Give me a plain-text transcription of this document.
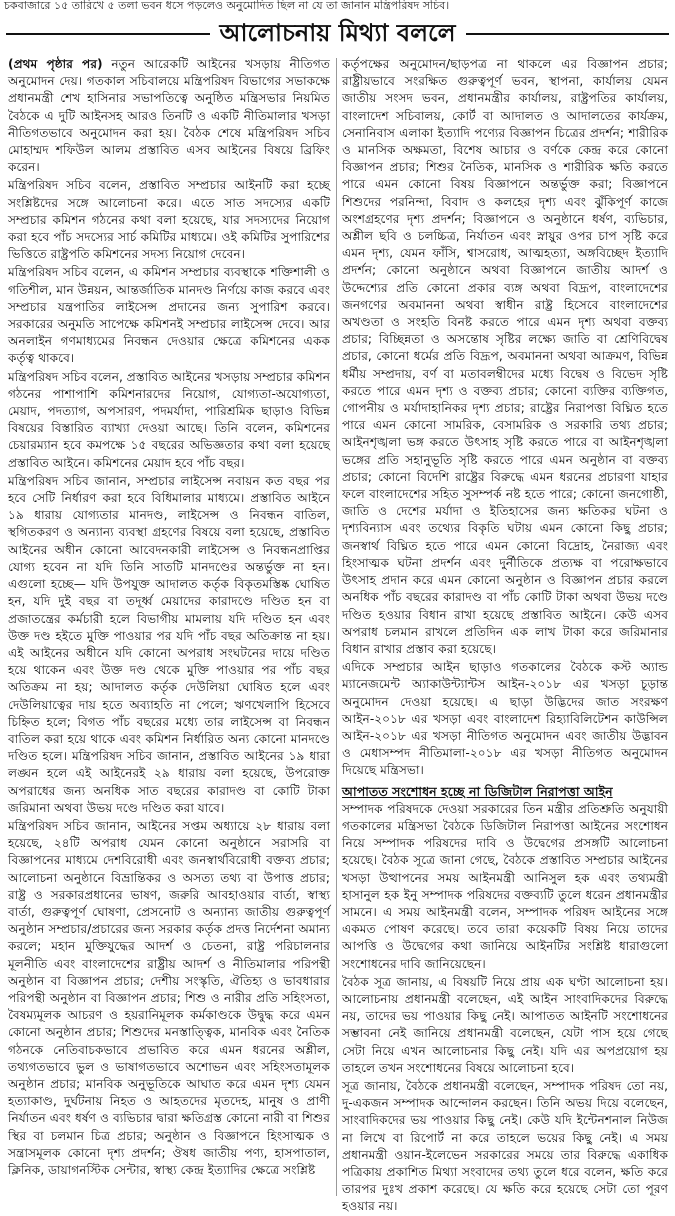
চকবাজারে ১৫ তারিখে ৫ তলা ভবন ধসে পড়লেও অনুমোদিত ছিল না যে তা জানান মন্ত্রিপরিষদ সচিব।
আলোচনায় মিথ্যা বললে

(প্রথম পৃষ্ঠার পর) নতুন আরেকটি আইনের খসড়ায় নীতিগত অনুমোদন দেয়। গতকাল সচিবালয়ে মন্ত্রিপরিষদ বিভাগের সভাকক্ষে প্রধানমন্ত্রী শেখ হাসিনার সভাপতিত্বে অনুষ্ঠিত মন্ত্রিসভার নিয়মিত বৈঠকে এ দুটি আইনসহ আরও তিনটি ও একটি নীতিমালার খসড়া নীতিগতভাবে অনুমোদন করা হয়। বৈঠক শেষে মন্ত্রিপরিষদ সচিব মোহাম্মদ শফিউল আলম প্রস্তাবিত এসব আইনের বিষয়ে ব্রিফিং করেন।

মন্ত্রিপরিষদ সচিব বলেন, প্রস্তাবিত সম্প্রচার আইনটি করা হচ্ছে সংশ্লিষ্টদের সঙ্গে আলোচনা করে। এতে সাত সদস্যের একটি সম্প্রচার কমিশন গঠনের কথা বলা হয়েছে, যার সদস্যদের নিয়োগ করা হবে পাঁচ সদস্যের সার্চ কমিটির মাধ্যমে। ওই কমিটির সুপারিশের ভিত্তিতে রাষ্ট্রপতি কমিশনের সদস্য নিয়োগ দেবেন।

মন্ত্রিপরিষদ সচিব বলেন, এ কমিশন সম্প্রচার ব্যবস্থাকে শক্তিশালী ও গতিশীল, মান উন্নয়ন, আন্তর্জাতিক মানদণ্ড নির্ণয়ে কাজ করবে এবং সম্প্রচার যন্ত্রপাতির লাইসেন্স প্রদানের জন্য সুপারিশ করবে। সরকারের অনুমতি সাপেক্ষে কমিশনই সম্প্রচার লাইসেন্স দেবে। আর অনলাইন গণমাধ্যমের নিবন্ধন দেওয়ার ক্ষেত্রে কমিশনের একক কর্তৃত্ব থাকবে।

মন্ত্রিপরিষদ সচিব বলেন, প্রস্তাবিত আইনের খসড়ায় সম্প্রচার কমিশন গঠনের পাশাপাশি কমিশনারদের নিয়োগ, যোগ্যতা-অযোগ্যতা, মেয়াদ, পদত্যাগ, অপসারণ, পদমর্যাদা, পারিশ্রমিক ছাড়াও বিভিন্ন বিষয়ের বিস্তারিত ব্যাখ্যা দেওয়া আছে। তিনি বলেন, কমিশনের চেয়ারম্যান হবে কমপক্ষে ১৫ বছরের অভিজ্ঞতার কথা বলা হয়েছে প্রস্তাবিত আইনে। কমিশনের মেয়াদ হবে পাঁচ বছর।

মন্ত্রিপরিষদ সচিব জানান, সম্প্রচার লাইসেন্স নবায়ন কত বছর পর হবে সেটি নির্ধারণ করা হবে বিধিমালার মাধ্যমে। প্রস্তাবিত আইনে ১৯ ধারায় যোগ্যতার মানদণ্ড, লাইসেন্স ও নিবন্ধন বাতিল, স্থগিতকরণ ও অন্যান্য ব্যবস্থা গ্রহণের বিষয়ে বলা হয়েছে, প্রস্তাবিত আইনের অধীন কোনো আবেদনকারী লাইসেন্স ও নিবন্ধনপ্রাপ্তির যোগ্য হবেন না যদি তিনি সাতটি মানদণ্ডের অন্তর্ভুক্ত না হন। এগুলো হচ্ছে— যদি উপযুক্ত আদালত কর্তৃক বিকৃতমস্তিষ্ক ঘোষিত হন, যদি দুই বছর বা তদূর্ধ্ব মেয়াদের কারাদণ্ডে দণ্ডিত হন বা প্রজাতন্ত্রের কর্মচারী হলে বিভাগীয় মামলায় যদি দণ্ডিত হন এবং উক্ত দণ্ড হইতে মুক্তি পাওয়ার পর যদি পাঁচ বছর অতিক্রান্ত না হয়। এই আইনের অধীনে যদি কোনো অপরাধ সংঘটনের দায়ে দণ্ডিত হয়ে থাকেন এবং উক্ত দণ্ড থেকে মুক্তি পাওয়ার পর পাঁচ বছর অতিক্রম না হয়; আদালত কর্তৃক দেউলিয়া ঘোষিত হলে এবং দেউলিয়াত্বের দায় হতে অব্যাহতি না পেলে; ঋণখেলাপি হিসেবে চিহ্নিত হলে; বিগত পাঁচ বছরের মধ্যে তার লাইসেন্স বা নিবন্ধন বাতিল করা হয়ে থাকে এবং কমিশন নির্ধারিত অন্য কোনো মানদণ্ডে দণ্ডিত হলে। মন্ত্রিপরিষদ সচিব জানান, প্রস্তাবিত আইনের ১৯ ধারা লঙ্ঘন হলে এই আইনেরই ২৯ ধারায় বলা হয়েছে, উপরোক্ত অপরাধের জন্য অনধিক সাত বছরের কারাদণ্ড বা কোটি টাকা জরিমানা অথবা উভয় দণ্ডে দণ্ডিত করা যাবে।

মন্ত্রিপরিষদ সচিব জানান, আইনের সপ্তম অধ্যায়ে ২৮ ধারায় বলা হয়েছে, ২৪টি অপরাধ যেমন কোনো অনুষ্ঠানে সরাসরি বা বিজ্ঞাপনের মাধ্যমে দেশবিরোধী এবং জনস্বার্থবিরোধী বক্তব্য প্রচার; আলোচনা অনুষ্ঠানে বিভ্রান্তিকর ও অসত্য তথ্য বা উপাত্ত প্রচার; রাষ্ট্র ও সরকারপ্রধানের ভাষণ, জরুরি আবহাওয়ার বার্তা, স্বাস্থ্য বার্তা, গুরুত্বপূর্ণ ঘোষণা, প্রেসনোট ও অন্যান্য জাতীয় গুরুত্বপূর্ণ অনুষ্ঠান সম্প্রচার/প্রচারের জন্য সরকার কর্তৃক প্রদত্ত নির্দেশনা অমান্য করলে; মহান মুক্তিযুদ্ধের আদর্শ ও চেতনা, রাষ্ট্র পরিচালনার মূলনীতি এবং বাংলাদেশের রাষ্ট্রীয় আদর্শ ও নীতিমালার পরিপন্থী অনুষ্ঠান বা বিজ্ঞাপন প্রচার; দেশীয় সংস্কৃতি, ঐতিহ্য ও ভাবধারার পরিপন্থী অনুষ্ঠান বা বিজ্ঞাপন প্রচার; শিশু ও নারীর প্রতি সহিংসতা, বৈষম্যমূলক আচরণ ও হয়রানিমূলক কর্মকাণ্ডকে উদ্বুদ্ধ করে এমন কোনো অনুষ্ঠান প্রচার; শিশুদের মনস্তাত্ত্বিক, মানবিক এবং নৈতিক গঠনকে নেতিবাচকভাবে প্রভাবিত করে এমন ধরনের অশ্লীল, তথ্যগতভাবে ভুল ও ভাষাগতভাবে অশোভন এবং সহিংসতামূলক অনুষ্ঠান প্রচার; মানবিক অনুভূতিকে আঘাত করে এমন দৃশ্য যেমন হত্যাকাণ্ড, দুর্ঘটনায় নিহত ও আহতদের মৃতদেহ, মানুষ ও প্রাণী নির্যাতন এবং ধর্ষণ ও ব্যভিচার দ্বারা ক্ষতিগ্রস্ত কোনো নারী বা শিশুর স্থির বা চলমান চিত্র প্রচার; অনুষ্ঠান ও বিজ্ঞাপনে হিংসাত্মক ও সন্ত্রাসমূলক কোনো দৃশ্য প্রদর্শন; ঔষধ জাতীয় পণ্য, হাসপাতাল, ক্লিনিক, ডায়াগনস্টিক সেন্টার, স্বাস্থ্য কেন্দ্র ইত্যাদির ক্ষেত্রে সংশ্লিষ্ট

কর্তৃপক্ষের অনুমোদন/ছাড়পত্র না থাকলে এর বিজ্ঞাপন প্রচার; রাষ্ট্রীয়ভাবে সংরক্ষিত গুরুত্বপূর্ণ ভবন, স্থাপনা, কার্যালয় যেমন জাতীয় সংসদ ভবন, প্রধানমন্ত্রীর কার্যালয়, রাষ্ট্রপতির কার্যালয়, বাংলাদেশ সচিবালয়, কোর্ট বা আদালত ও আদালতের কার্যক্রম, সেনানিবাস এলাকা ইত্যাদি পণ্যের বিজ্ঞাপন চিত্রের প্রদর্শন; শারীরিক ও মানসিক অক্ষমতা, বিশেষ আচার ও বর্ণকে কেন্দ্র করে কোনো বিজ্ঞাপন প্রচার; শিশুর নৈতিক, মানসিক ও শারীরিক ক্ষতি করতে পারে এমন কোনো বিষয় বিজ্ঞাপনে অন্তর্ভুক্ত করা; বিজ্ঞাপনে শিশুদের পরনিন্দা, বিবাদ ও কলহের দৃশ্য এবং ঝুঁকিপূর্ণ কাজে অংশগ্রহণের দৃশ্য প্রদর্শন; বিজ্ঞাপনে ও অনুষ্ঠানে ধর্ষণ, ব্যভিচার, অশ্লীল ছবি ও চলচ্চিত্র, নির্যাতন এবং স্নায়ুর ওপর চাপ সৃষ্টি করে এমন দৃশ্য, যেমন ফাঁসি, শ্বাসরোধ, আত্মহত্যা, অঙ্গবিচ্ছেদ ইত্যাদি প্রদর্শন; কোনো অনুষ্ঠানে অথবা বিজ্ঞাপনে জাতীয় আদর্শ ও উদ্দেশ্যের প্রতি কোনো প্রকার ব্যঙ্গ অথবা বিদ্রূপ, বাংলাদেশের জনগণের অবমাননা অথবা স্বাধীন রাষ্ট্র হিসেবে বাংলাদেশের অখণ্ডতা ও সংহতি বিনষ্ট করতে পারে এমন দৃশ্য অথবা বক্তব্য প্রচার; বিচ্ছিন্নতা ও অসন্তোষ সৃষ্টির লক্ষ্যে জাতি বা শ্রেণিবিদ্বেষ প্রচার, কোনো ধর্মের প্রতি বিদ্রূপ, অবমাননা অথবা আক্রমণ, বিভিন্ন ধর্মীয় সম্প্রদায়, বর্ণ বা মতাবলম্বীদের মধ্যে বিদ্বেষ ও বিভেদ সৃষ্টি করতে পারে এমন দৃশ্য ও বক্তব্য প্রচার; কোনো ব্যক্তির ব্যক্তিগত, গোপনীয় ও মর্যাদাহানিকর দৃশ্য প্রচার; রাষ্ট্রের নিরাপত্তা বিঘ্নিত হতে পারে এমন কোনো সামরিক, বেসামরিক ও সরকারি তথ্য প্রচার; আইনশৃঙ্খলা ভঙ্গ করতে উৎসাহ সৃষ্টি করতে পারে বা আইনশৃঙ্খলা ভঙ্গের প্রতি সহানুভূতি সৃষ্টি করতে পারে এমন অনুষ্ঠান বা বক্তব্য প্রচার; কোনো বিদেশি রাষ্ট্রের বিরুদ্ধে এমন ধরনের প্রচারণা যাহার ফলে বাংলাদেশের সহিত সুসম্পর্ক নষ্ট হতে পারে; কোনো জনগোষ্ঠী, জাতি ও দেশের মর্যাদা ও ইতিহাসের জন্য ক্ষতিকর ঘটনা ও দৃশ্যবিন্যাস এবং তথ্যের বিকৃতি ঘটায় এমন কোনো কিছু প্রচার; জনস্বার্থ বিঘ্নিত হতে পারে এমন কোনো বিদ্রোহ, নৈরাজ্য এবং হিংসাত্মক ঘটনা প্রদর্শন এবং দুর্নীতিকে প্রত্যক্ষ বা পরোক্ষভাবে উৎসাহ প্রদান করে এমন কোনো অনুষ্ঠান ও বিজ্ঞাপন প্রচার করলে অনধিক পাঁচ বছরের কারাদণ্ড বা পাঁচ কোটি টাকা অথবা উভয় দণ্ডে দণ্ডিত হওয়ার বিধান রাখা হয়েছে প্রস্তাবিত আইনে। কেউ এসব অপরাধ চলমান রাখলে প্রতিদিন এক লাখ টাকা করে জরিমানার বিধান রাখার প্রস্তাব করা হয়েছে।

এদিকে সম্প্রচার আইন ছাড়াও গতকালের বৈঠকে কস্ট অ্যান্ড ম্যানেজমেন্ট অ্যাকাউন্ট্যান্টস আইন-২০১৮ এর খসড়া চূড়ান্ত অনুমোদন দেওয়া হয়েছে। এ ছাড়া উদ্ভিদের জাত সংরক্ষণ আইন-২০১৮ এর খসড়া এবং বাংলাদেশ রিহ্যাবিলিটেশন কাউন্সিল আইন-২০১৮ এর খসড়া নীতিগত অনুমোদন এবং জাতীয় উদ্ভাবন ও মেধাসম্পদ নীতিমালা-২০১৮ এর খসড়া নীতিগত অনুমোদন দিয়েছে মন্ত্রিসভা।

আপাতত সংশোধন হচ্ছে না ডিজিটাল নিরাপত্তা আইন

সম্পাদক পরিষদকে দেওয়া সরকারের তিন মন্ত্রীর প্রতিশ্রুতি অনুযায়ী গতকালের মন্ত্রিসভা বৈঠকে ডিজিটাল নিরাপত্তা আইনের সংশোধন নিয়ে সম্পাদক পরিষদের দাবি ও উদ্বেগের প্রসঙ্গটি আলোচনা হয়েছে। বৈঠক সূত্রে জানা গেছে, বৈঠকে প্রস্তাবিত সম্প্রচার আইনের খসড়া উত্থাপনের সময় আইনমন্ত্রী আনিসুল হক এবং তথ্যমন্ত্রী হাসানুল হক ইনু সম্পাদক পরিষদের বক্তব্যটি তুলে ধরেন প্রধানমন্ত্রীর সামনে। এ সময় আইনমন্ত্রী বলেন, সম্পাদক পরিষদ আইনের সঙ্গে একমত পোষণ করেছে। তবে তারা কয়েকটি বিষয় নিয়ে তাদের আপত্তি ও উদ্বেগের কথা জানিয়ে আইনটির সংশ্লিষ্ট ধারাগুলো সংশোধনের দাবি জানিয়েছেন।

বৈঠক সূত্র জানায়, এ বিষয়টি নিয়ে প্রায় এক ঘণ্টা আলোচনা হয়। আলোচনায় প্রধানমন্ত্রী বলেছেন, এই আইন সাংবাদিকদের বিরুদ্ধে নয়, তাদের ভয় পাওয়ার কিছু নেই। আপাতত আইনটি সংশোধনের সম্ভাবনা নেই জানিয়ে প্রধানমন্ত্রী বলেছেন, যেটা পাস হয়ে গেছে সেটা নিয়ে এখন আলোচনার কিছু নেই। যদি এর অপপ্রয়োগ হয় তাহলে তখন সংশোধনের বিষয়ে আলোচনা হবে।

সূত্র জানায়, বৈঠকে প্রধানমন্ত্রী বলেছেন, সম্পাদক পরিষদ তো নয়, দু-একজন সম্পাদক আন্দোলন করছেন। তিনি অভয় দিয়ে বলেছেন, সাংবাদিকদের ভয় পাওয়ার কিছু নেই। কেউ যদি ইন্টেনশনাল নিউজ না লিখে বা রিপোর্ট না করে তাহলে ভয়ের কিছু নেই। এ সময় প্রধানমন্ত্রী ওয়ান-ইলেভেন সরকারের সময়ে তার বিরুদ্ধে একাধিক পত্রিকায় প্রকাশিত মিথ্যা সংবাদের তথ্য তুলে ধরে বলেন, ক্ষতি করে তারপর দুঃখ প্রকাশ করেছে। যে ক্ষতি করে হয়েছে সেটা তো পূরণ হওয়ার নয়।
